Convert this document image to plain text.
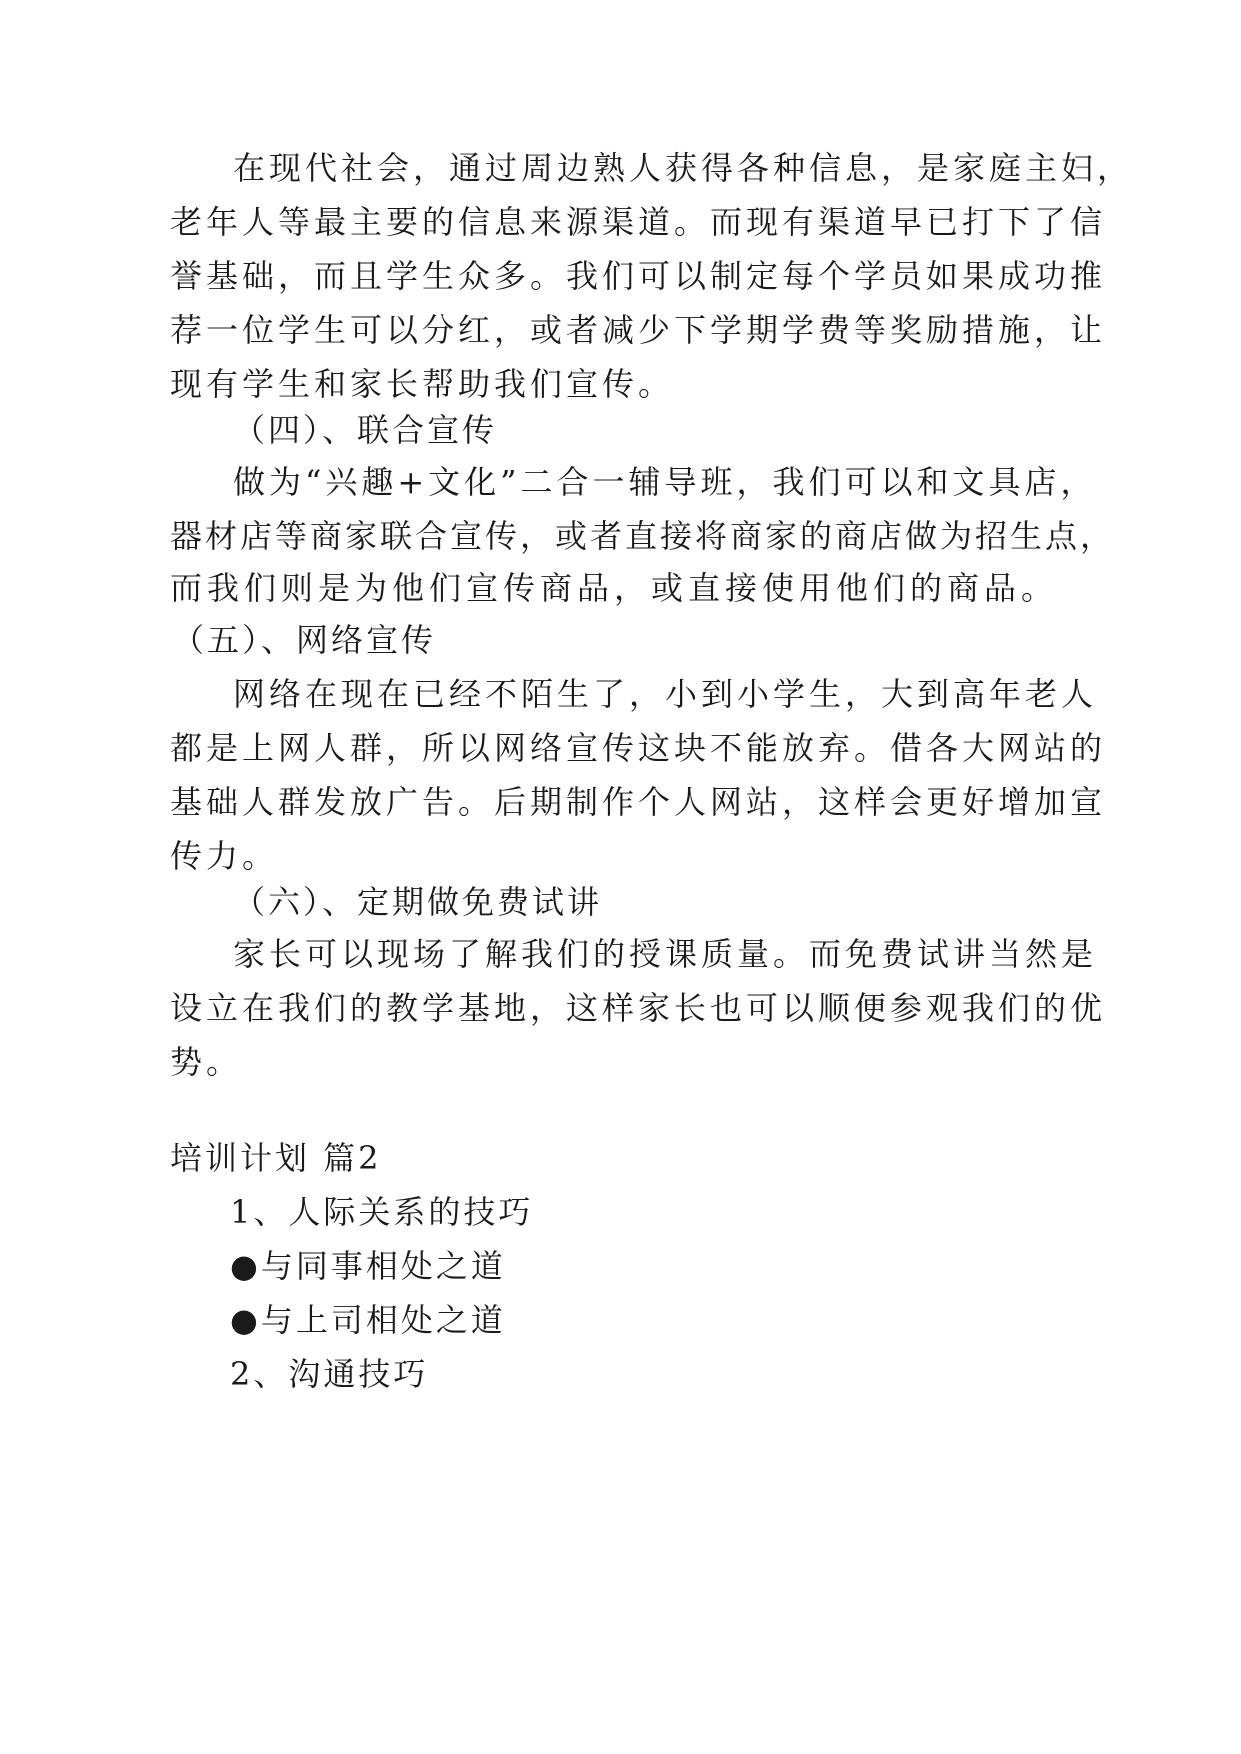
在现代社会，通过周边熟人获得各种信息，是家庭主妇，
老年人等最主要的信息来源渠道。而现有渠道早已打下了信
誉基础，而且学生众多。我们可以制定每个学员如果成功推
荐一位学生可以分红，或者减少下学期学费等奖励措施，让
现有学生和家长帮助我们宣传。
（四）、联合宣传
做为“兴趣+文化”二合一辅导班，我们可以和文具店，
器材店等商家联合宣传，或者直接将商家的商店做为招生点，
而我们则是为他们宣传商品，或直接使用他们的商品。
（五）、网络宣传
网络在现在已经不陌生了，小到小学生，大到高年老人
都是上网人群，所以网络宣传这块不能放弃。借各大网站的
基础人群发放广告。后期制作个人网站，这样会更好增加宣
传力。
（六）、定期做免费试讲
家长可以现场了解我们的授课质量。而免费试讲当然是
设立在我们的教学基地，这样家长也可以顺便参观我们的优
势。
培训计划 篇2
1、人际关系的技巧
●与同事相处之道
●与上司相处之道
2、沟通技巧
